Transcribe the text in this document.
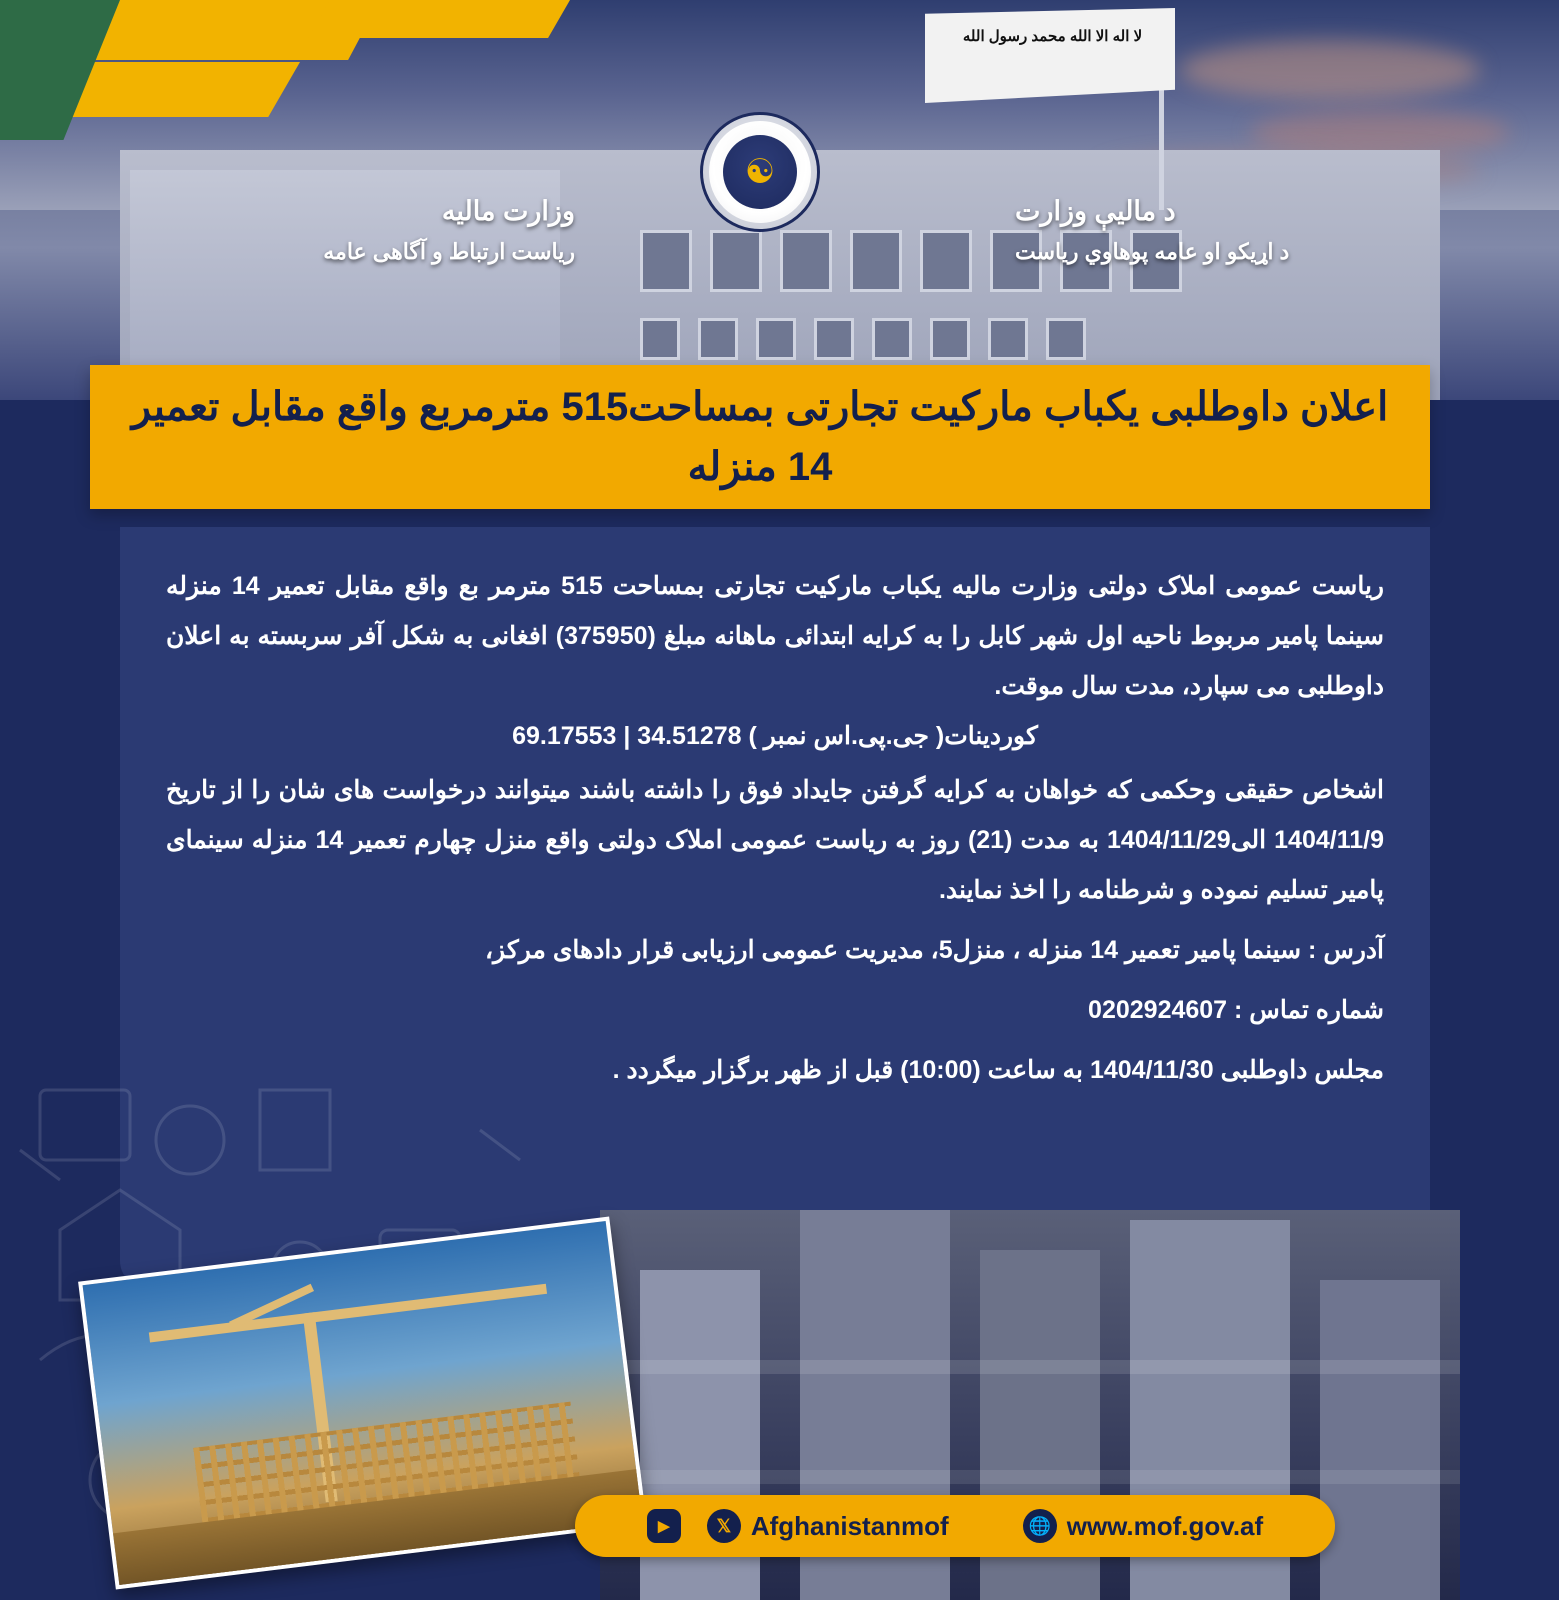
لا اله الا الله محمد رسول الله
☯
د ماليې وزارت
د اړیکو او عامه پوهاوي ریاست
وزارت مالیه
ریاست ارتباط و آگاهی عامه
اعلان داوطلبی یکباب مارکیت تجارتی بمساحت515 مترمربع واقع مقابل تعمیر 14 منزله

ریاست عمومی املاک دولتی وزارت مالیه یکباب مارکیت تجارتی بمساحت 515 مترمر بع واقع مقابل تعمیر 14 منزله سینما پامیر مربوط ناحیه اول شهر کابل را به کرایه ابتدائی ماهانه مبلغ (375950) افغانی به شکل آفر سربسته به اعلان داوطلبی می سپارد، مدت سال موقت.

کوردینات( جی.پی.اس نمبر ) 69.17553 | 34.51278

اشخاص حقیقی وحکمی که خواهان به کرایه گرفتن جایداد فوق را داشته باشند میتوانند درخواست های شان را از تاریخ 1404/11/9 الی1404/11/29 به مدت (21) روز به ریاست عمومی املاک دولتی واقع منزل چهارم تعمیر 14 منزله سینمای پامیر تسلیم نموده و شرطنامه را اخذ نمایند.

آدرس : سینما پامیر تعمیر 14 منزله ، منزل5، مدیریت عمومی ارزیابی قرار دادهای مرکز،

شماره تماس : 0202924607

مجلس داوطلبی 1404/11/30 به ساعت (10:00) قبل از ظهر برگزار میگردد .

▶	𝕏 Afghanistanmof	🌐 www.mof.gov.af
